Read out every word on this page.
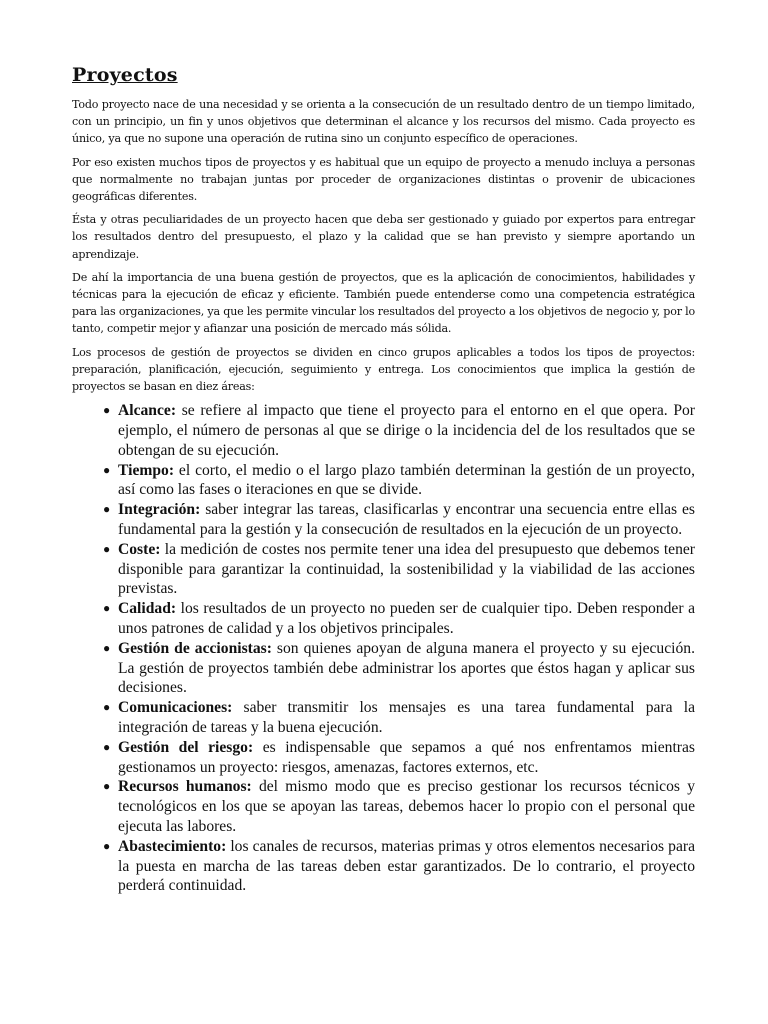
Proyectos

Todo proyecto nace de una necesidad y se orienta a la consecución de un resultado dentro de un tiempo limitado, con un principio, un fin y unos objetivos que determinan el alcance y los recursos del mismo. Cada proyecto es único, ya que no supone una operación de rutina sino un conjunto específico de operaciones.

Por eso existen muchos tipos de proyectos y es habitual que un equipo de proyecto a menudo incluya a personas que normalmente no trabajan juntas por proceder de organizaciones distintas o provenir de ubicaciones geográficas diferentes.

Ésta y otras peculiaridades de un proyecto hacen que deba ser gestionado y guiado por expertos para entregar los resultados dentro del presupuesto, el plazo y la calidad que se han previsto y siempre aportando un aprendizaje.

De ahí la importancia de una buena gestión de proyectos, que es la aplicación de conocimientos, habilidades y técnicas para la ejecución de eficaz y eficiente. También puede entenderse como una competencia estratégica para las organizaciones, ya que les permite vincular los resultados del proyecto a los objetivos de negocio y, por lo tanto, competir mejor y afianzar una posición de mercado más sólida.

Los procesos de gestión de proyectos se dividen en cinco grupos aplicables a todos los tipos de proyectos: preparación, planificación, ejecución, seguimiento y entrega. Los conocimientos que implica la gestión de proyectos se basan en diez áreas:

● Alcance: se refiere al impacto que tiene el proyecto para el entorno en el que opera. Por ejemplo, el número de personas al que se dirige o la incidencia del de los resultados que se obtengan de su ejecución.
● Tiempo: el corto, el medio o el largo plazo también determinan la gestión de un proyecto, así como las fases o iteraciones en que se divide.
● Integración: saber integrar las tareas, clasificarlas y encontrar una secuencia entre ellas es fundamental para la gestión y la consecución de resultados en la ejecución de un proyecto.
● Coste: la medición de costes nos permite tener una idea del presupuesto que debemos tener disponible para garantizar la continuidad, la sostenibilidad y la viabilidad de las acciones previstas.
● Calidad: los resultados de un proyecto no pueden ser de cualquier tipo. Deben responder a unos patrones de calidad y a los objetivos principales.
● Gestión de accionistas: son quienes apoyan de alguna manera el proyecto y su ejecución. La gestión de proyectos también debe administrar los aportes que éstos hagan y aplicar sus decisiones.
● Comunicaciones: saber transmitir los mensajes es una tarea fundamental para la integración de tareas y la buena ejecución.
● Gestión del riesgo: es indispensable que sepamos a qué nos enfrentamos mientras gestionamos un proyecto: riesgos, amenazas, factores externos, etc.
● Recursos humanos: del mismo modo que es preciso gestionar los recursos técnicos y tecnológicos en los que se apoyan las tareas, debemos hacer lo propio con el personal que ejecuta las labores.
● Abastecimiento: los canales de recursos, materias primas y otros elementos necesarios para la puesta en marcha de las tareas deben estar garantizados. De lo contrario, el proyecto perderá continuidad.
